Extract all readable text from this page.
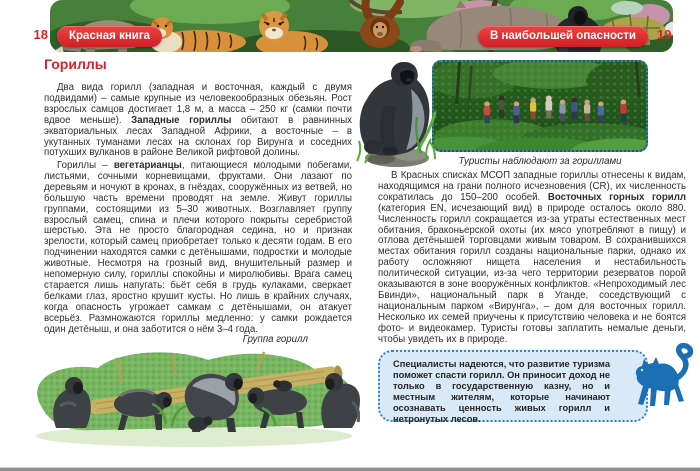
18	Красная книга	В наибольшей опасности	19
Гориллы

Два вида горилл (западная и восточная, каждый с двумя подвидами) – самые крупные из человекообразных обезьян. Рост взрослых самцов достигает 1,8 м, а масса – 250 кг (самки почти вдвое меньше). Западные гориллы обитают в равнинных экваториальных лесах Западной Африки, а восточные – в укутанных туманами лесах на склонах гор Вирунга и соседних потухших вулканов в районе Великой рифтовой долины.

Гориллы – вегетарианцы, питающиеся молодыми побегами, листьями, сочными корневищами, фруктами. Они лазают по деревьям и ночуют в кронах, в гнёздах, сооружённых из ветвей, но большую часть времени проводят на земле. Живут гориллы группами, состоящими из 5–30 животных. Возглавляет группу взрослый самец, спина и плечи которого покрыты серебристой шерстью. Эта не просто благородная седина, но и признак зрелости, который самец приобретает только к десяти годам. В его подчинении находятся самки с детёнышами, подростки и молодые животные. Несмотря на грозный вид, внушительный размер и непомерную силу, гориллы спокойны и миролюбивы. Врага самец старается лишь напугать: бьёт себя в грудь кулаками, сверкает белками глаз, яростно крушит кусты. Но лишь в крайних случаях, когда опасность угрожает самкам с детёнышами, он атакует всерьёз. Размножаются гориллы медленно: у самки рождается один детёныш, и она заботится о нём 3–4 года.

Группа горилл
Туристы наблюдают за гориллами

В Красных списках МСОП западные гориллы отнесены к видам, находящимся на грани полного исчезновения (CR), их численность сократилась до 150–200 особей. Восточных горных горилл (категория EN, исчезающий вид) в природе осталось около 880. Численность горилл сокращается из-за утраты естественных мест обитания, браконьерской охоты (их мясо употребляют в пищу) и отлова детёнышей торговцами живым товаром. В сохранившихся местах обитания горилл созданы национальные парки, однако их работу осложняют нищета населения и нестабильность политической ситуации, из-за чего территории резерватов порой оказываются в зоне вооружённых конфликтов. «Непроходимый лес Бвинди», национальный парк в Уганде, соседствующий с национальным парком «Вирунга», – дом для восточных горилл. Несколько их семей приучены к присутствию человека и не боятся фото- и видеокамер. Туристы готовы заплатить немалые деньги, чтобы увидеть их в природе.

Специалисты надеются, что развитие туризма поможет спасти горилл. Он приносит доход не только в государственную казну, но и местным жителям, которые начинают осознавать ценность живых горилл и нетронутых лесов.
